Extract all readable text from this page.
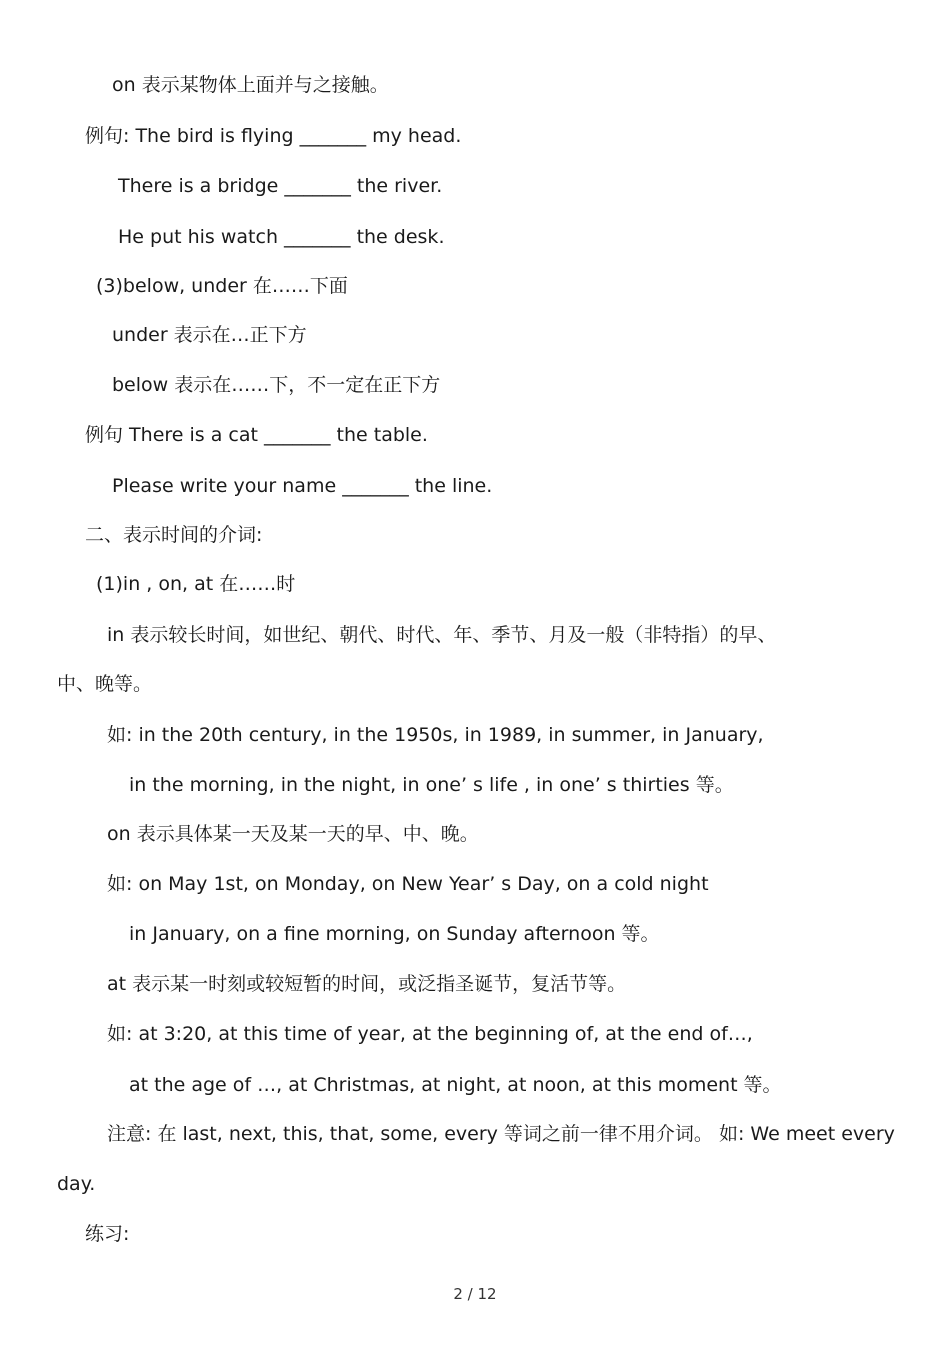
on 表示某物体上面并与之接触。
例句: The bird is flying _______ my head.
There is a bridge _______ the river.
He put his watch _______ the desk.
(3)below, under 在……下面
under 表示在…正下方
below 表示在……下，不一定在正下方
例句 There is a cat _______ the table.
Please write your name _______ the line.
二、表示时间的介词:
(1)in , on, at 在……时
in 表示较长时间，如世纪、朝代、时代、年、季节、月及一般（非特指）的早、
中、晚等。
如: in the 20th century, in the 1950s, in 1989, in summer, in January,
in the morning, in the night, in one’ s life , in one’ s thirties 等。
on 表示具体某一天及某一天的早、中、晚。
如: on May 1st, on Monday, on New Year’ s Day, on a cold night
in January, on a fine morning, on Sunday afternoon 等。
at 表示某一时刻或较短暂的时间，或泛指圣诞节，复活节等。
如: at 3:20, at this time of year, at the beginning of, at the end of…,
at the age of …, at Christmas, at night, at noon, at this moment 等。
注意: 在 last, next, this, that, some, every 等词之前一律不用介词。 如: We meet every
day.
练习:
2 / 12
